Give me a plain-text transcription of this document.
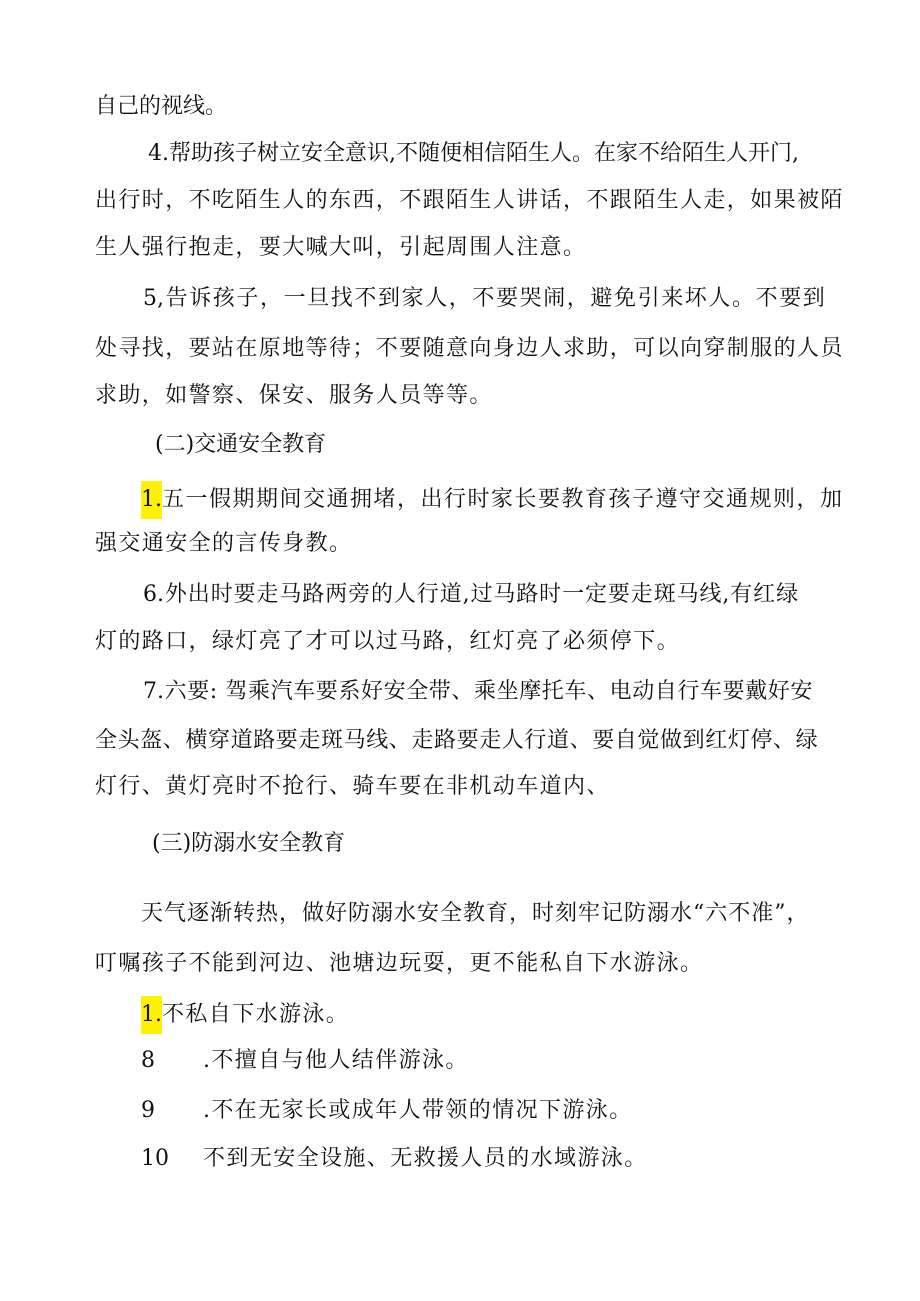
自己的视线。
4.帮助孩子树立安全意识,不随便相信陌生人。在家不给陌生人开门,
出行时，不吃陌生人的东西，不跟陌生人讲话，不跟陌生人走，如果被陌
生人强行抱走，要大喊大叫，引起周围人注意。
5,告诉孩子，一旦找不到家人，不要哭闹，避免引来坏人。不要到
处寻找，要站在原地等待；不要随意向身边人求助，可以向穿制服的人员
求助，如警察、保安、服务人员等等。
(二)交通安全教育
1.五一假期期间交通拥堵，出行时家长要教育孩子遵守交通规则，加
强交通安全的言传身教。
6.外出时要走马路两旁的人行道,过马路时一定要走斑马线,有红绿
灯的路口，绿灯亮了才可以过马路，红灯亮了必须停下。
7.六要: 驾乘汽车要系好安全带、乘坐摩托车、电动自行车要戴好安
全头盔、横穿道路要走斑马线、走路要走人行道、要自觉做到红灯停、绿
灯行、黄灯亮时不抢行、骑车要在非机动车道内、
(三)防溺水安全教育
天气逐渐转热，做好防溺水安全教育，时刻牢记防溺水“六不准”，
叮嘱孩子不能到河边、池塘边玩耍，更不能私自下水游泳。
1.不私自下水游泳。
8 .不擅自与他人结伴游泳。
9 .不在无家长或成年人带领的情况下游泳。
10 不到无安全设施、无救援人员的水域游泳。
